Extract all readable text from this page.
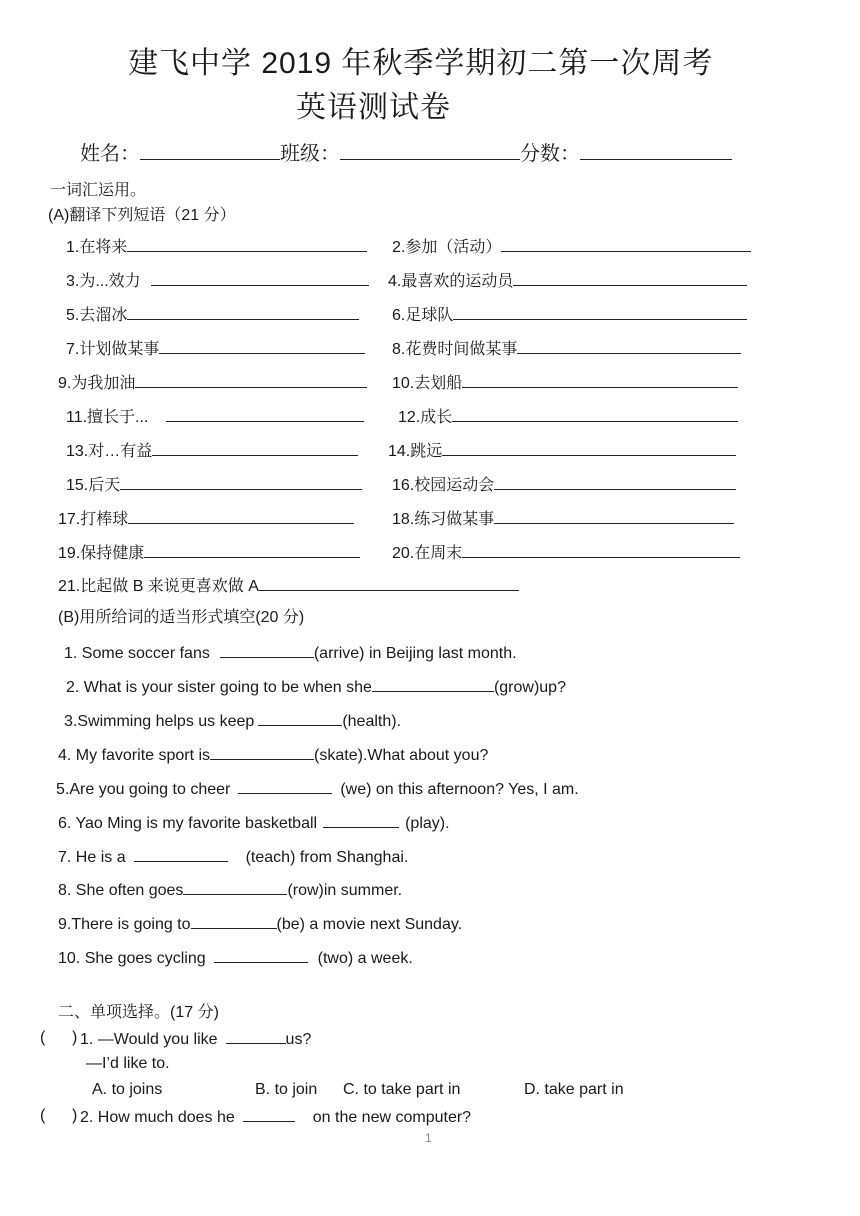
建飞中学 2019 年秋季学期初二第一次周考
英语测试卷
姓名：	班级：	分数：
一词汇运用。
(A)翻译下列短语（21 分）
1.在将来	2.参加（活动）
3.为...效力	4.最喜欢的运动员
5.去溜冰	6.足球队
7.计划做某事	8.花费时间做某事
9.为我加油	10.去划船
11.擅长于...	12.成长
13.对…有益	14.跳远
15.后天	16.校园运动会
17.打棒球	18.练习做某事
19.保持健康	20.在周末
21.比起做 B 来说更喜欢做 A
(B)用所给词的适当形式填空(20 分)
1. Some soccer fans	(arrive) in Beijing last month.
2. What is your sister going to be when she	(grow)up?
3.Swimming helps us keep	(health).
4. My favorite sport is	(skate).What about you?
5.Are you going to cheer	(we) on this afternoon? Yes, I am.
6. Yao Ming is my favorite basketball	(play).
7. He is a	(teach) from Shanghai.
8. She often goes	(row)in summer.
9.There is going to	(be) a movie next Sunday.
10. She goes cycling	(two) a week.
二、单项选择。(17 分)
( ) 1. —Would you like	us?
—I’d like to.
A. to joins	B. to join C. to take part in	D. take part in
( ) 2. How much does he	on the new computer?
1
